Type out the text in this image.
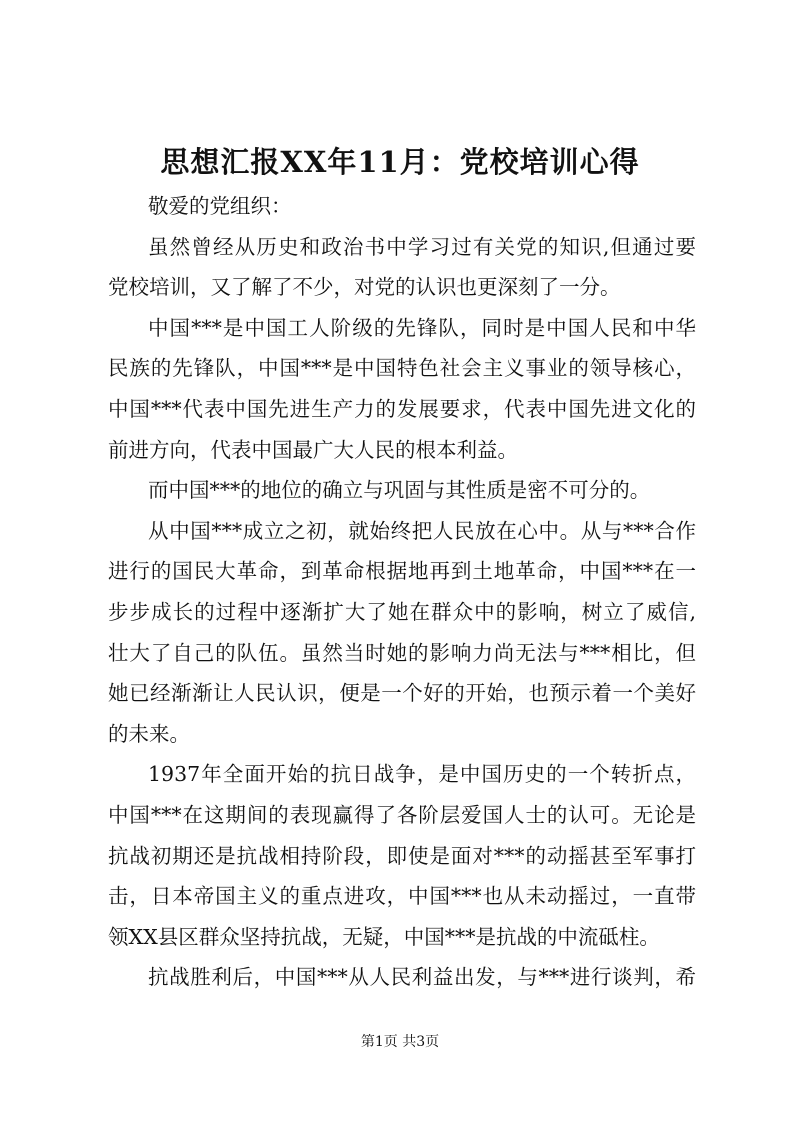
思想汇报XX年11月：党校培训心得
敬爱的党组织：
虽然曾经从历史和政治书中学习过有关党的知识,但通过要
党校培训，又了解了不少，对党的认识也更深刻了一分。
中国***是中国工人阶级的先锋队，同时是中国人民和中华
民族的先锋队，中国***是中国特色社会主义事业的领导核心，
中国***代表中国先进生产力的发展要求，代表中国先进文化的
前进方向，代表中国最广大人民的根本利益。
而中国***的地位的确立与巩固与其性质是密不可分的。
从中国***成立之初，就始终把人民放在心中。从与***合作
进行的国民大革命，到革命根据地再到土地革命，中国***在一
步步成长的过程中逐渐扩大了她在群众中的影响，树立了威信,
壮大了自己的队伍。虽然当时她的影响力尚无法与***相比，但
她已经渐渐让人民认识，便是一个好的开始，也预示着一个美好
的未来。
1937年全面开始的抗日战争，是中国历史的一个转折点，
中国***在这期间的表现赢得了各阶层爱国人士的认可。无论是
抗战初期还是抗战相持阶段，即使是面对***的动摇甚至军事打
击，日本帝国主义的重点进攻，中国***也从未动摇过，一直带
领XX县区群众坚持抗战，无疑，中国***是抗战的中流砥柱。
抗战胜利后，中国***从人民利益出发，与***进行谈判，希
第1页 共3页
